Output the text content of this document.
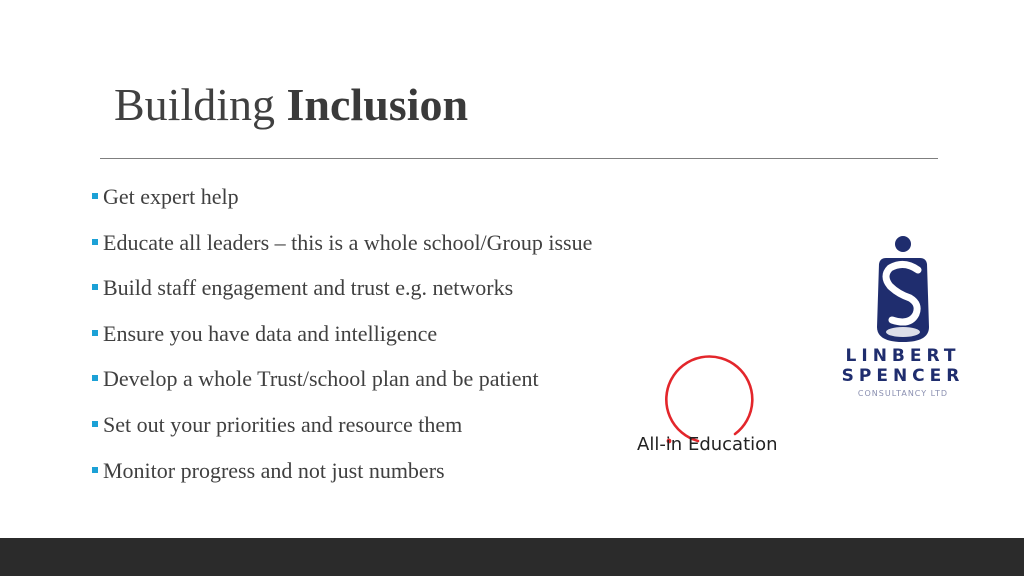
Building Inclusion
Get expert help
Educate all leaders – this is a whole school/Group issue
Build staff engagement and trust e.g. networks
Ensure you have data and intelligence
Develop a whole Trust/school plan and be patient
Set out your priorities and resource them
Monitor progress and not just numbers
All-in Education
LINBERT
SPENCER
CONSULTANCY LTD
